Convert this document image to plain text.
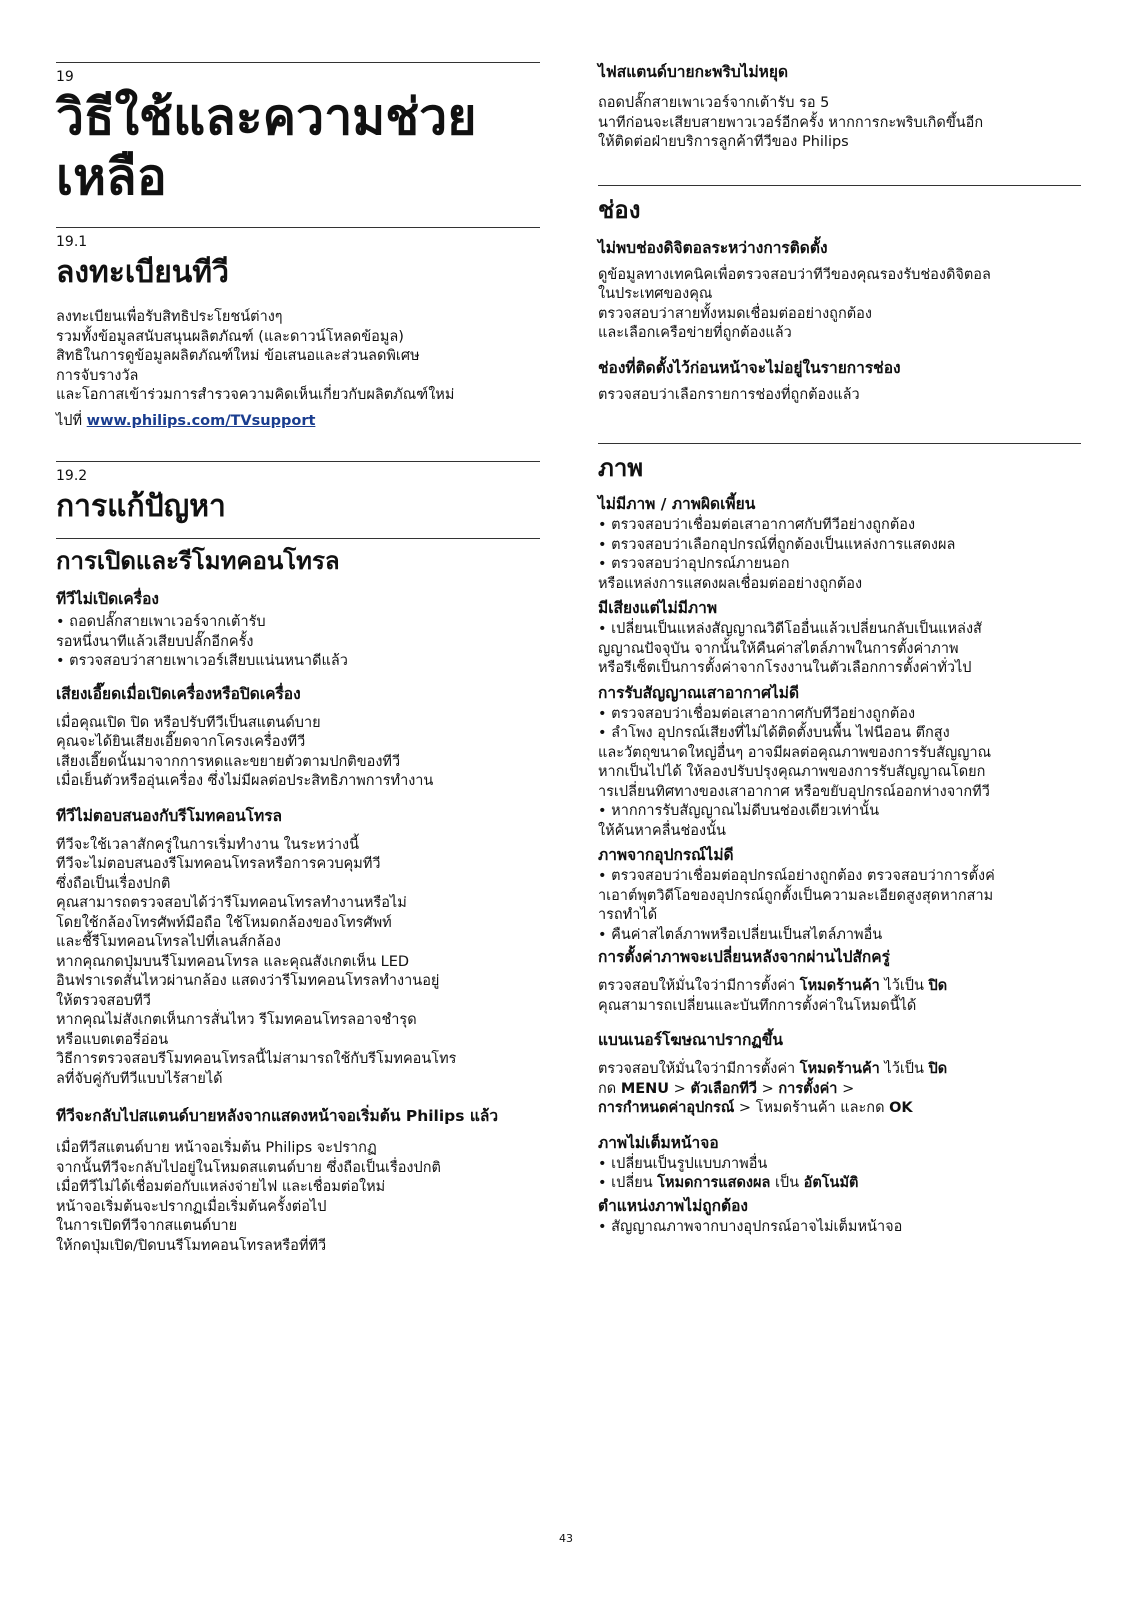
19
วิธีใช้และความช่วยเหลือ
19.1
ลงทะเบียนทีวี

ลงทะเบียนเพื่อรับสิทธิประโยชน์ต่างๆ

รวมทั้งข้อมูลสนับสนุนผลิตภัณฑ์ (และดาวน์โหลดข้อมูล)

สิทธิในการดูข้อมูลผลิตภัณฑ์ใหม่ ข้อเสนอและส่วนลดพิเศษ

การจับรางวัล

และโอกาสเข้าร่วมการสำรวจความคิดเห็นเกี่ยวกับผลิตภัณฑ์ใหม่

ไปที่ www.philips.com/TVsupport

19.2
การแก้ปัญหา
การเปิดและรีโมทคอนโทรล
ทีวีไม่เปิดเครื่อง

• ถอดปลั๊กสายเพาเวอร์จากเต้ารับ

รอหนึ่งนาทีแล้วเสียบปลั๊กอีกครั้ง

• ตรวจสอบว่าสายเพาเวอร์เสียบแน่นหนาดีแล้ว

เสียงเอี๊ยดเมื่อเปิดเครื่องหรือปิดเครื่อง

เมื่อคุณเปิด ปิด หรือปรับทีวีเป็นสแตนด์บาย

คุณจะได้ยินเสียงเอี๊ยดจากโครงเครื่องทีวี

เสียงเอี๊ยดนั้นมาจากการหดและขยายตัวตามปกติของทีวี

เมื่อเย็นตัวหรืออุ่นเครื่อง ซึ่งไม่มีผลต่อประสิทธิภาพการทำงาน

ทีวีไม่ตอบสนองกับรีโมทคอนโทรล

ทีวีจะใช้เวลาสักครู่ในการเริ่มทำงาน ในระหว่างนี้

ทีวีจะไม่ตอบสนองรีโมทคอนโทรลหรือการควบคุมทีวี

ซึ่งถือเป็นเรื่องปกติ

คุณสามารถตรวจสอบได้ว่ารีโมทคอนโทรลทำงานหรือไม่

โดยใช้กล้องโทรศัพท์มือถือ ใช้โหมดกล้องของโทรศัพท์

และชี้รีโมทคอนโทรลไปที่เลนส์กล้อง

หากคุณกดปุ่มบนรีโมทคอนโทรล และคุณสังเกตเห็น LED

อินฟราเรดสั่นไหวผ่านกล้อง แสดงว่ารีโมทคอนโทรลทำงานอยู่

ให้ตรวจสอบทีวี

หากคุณไม่สังเกตเห็นการสั่นไหว รีโมทคอนโทรลอาจชำรุด

หรือแบตเตอรี่อ่อน

วิธีการตรวจสอบรีโมทคอนโทรลนี้ไม่สามารถใช้กับรีโมทคอนโทร

ลที่จับคู่กับทีวีแบบไร้สายได้

ทีวีจะกลับไปสแตนด์บายหลังจากแสดงหน้าจอเริ่มต้น Philips แล้ว

เมื่อทีวีสแตนด์บาย หน้าจอเริ่มต้น Philips จะปรากฏ

จากนั้นทีวีจะกลับไปอยู่ในโหมดสแตนด์บาย ซึ่งถือเป็นเรื่องปกติ

เมื่อทีวีไม่ได้เชื่อมต่อกับแหล่งจ่ายไฟ และเชื่อมต่อใหม่

หน้าจอเริ่มต้นจะปรากฏเมื่อเริ่มต้นครั้งต่อไป

ในการเปิดทีวีจากสแตนด์บาย

ให้กดปุ่มเปิด/ปิดบนรีโมทคอนโทรลหรือที่ทีวี

ไฟสแตนด์บายกะพริบไม่หยุด

ถอดปลั๊กสายเพาเวอร์จากเต้ารับ รอ 5

นาทีก่อนจะเสียบสายพาวเวอร์อีกครั้ง หากการกะพริบเกิดขึ้นอีก

ให้ติดต่อฝ่ายบริการลูกค้าทีวีของ Philips

ช่อง
ไม่พบช่องดิจิตอลระหว่างการติดตั้ง

ดูข้อมูลทางเทคนิคเพื่อตรวจสอบว่าทีวีของคุณรองรับช่องดิจิตอล

ในประเทศของคุณ

ตรวจสอบว่าสายทั้งหมดเชื่อมต่ออย่างถูกต้อง

และเลือกเครือข่ายที่ถูกต้องแล้ว

ช่องที่ติดตั้งไว้ก่อนหน้าจะไม่อยู่ในรายการช่อง

ตรวจสอบว่าเลือกรายการช่องที่ถูกต้องแล้ว

ภาพ
ไม่มีภาพ / ภาพผิดเพี้ยน

• ตรวจสอบว่าเชื่อมต่อเสาอากาศกับทีวีอย่างถูกต้อง

• ตรวจสอบว่าเลือกอุปกรณ์ที่ถูกต้องเป็นแหล่งการแสดงผล

• ตรวจสอบว่าอุปกรณ์ภายนอก

หรือแหล่งการแสดงผลเชื่อมต่ออย่างถูกต้อง

มีเสียงแต่ไม่มีภาพ

• เปลี่ยนเป็นแหล่งสัญญาณวิดีโออื่นแล้วเปลี่ยนกลับเป็นแหล่งสั

ญญาณปัจจุบัน จากนั้นให้คืนค่าสไตล์ภาพในการตั้งค่าภาพ

หรือรีเซ็ตเป็นการตั้งค่าจากโรงงานในตัวเลือกการตั้งค่าทั่วไป

การรับสัญญาณเสาอากาศไม่ดี

• ตรวจสอบว่าเชื่อมต่อเสาอากาศกับทีวีอย่างถูกต้อง

• ลำโพง อุปกรณ์เสียงที่ไม่ได้ติดตั้งบนพื้น ไฟนีออน ตึกสูง

และวัตถุขนาดใหญ่อื่นๆ อาจมีผลต่อคุณภาพของการรับสัญญาณ

หากเป็นไปได้ ให้ลองปรับปรุงคุณภาพของการรับสัญญาณโดยก

ารเปลี่ยนทิศทางของเสาอากาศ หรือขยับอุปกรณ์ออกห่างจากทีวี

• หากการรับสัญญาณไม่ดีบนช่องเดียวเท่านั้น

ให้ค้นหาคลื่นช่องนั้น

ภาพจากอุปกรณ์ไม่ดี

• ตรวจสอบว่าเชื่อมต่ออุปกรณ์อย่างถูกต้อง ตรวจสอบว่าการตั้งค่

าเอาต์พุตวิดีโอของอุปกรณ์ถูกตั้งเป็นความละเอียดสูงสุดหากสาม

ารถทำได้

• คืนค่าสไตล์ภาพหรือเปลี่ยนเป็นสไตล์ภาพอื่น

การตั้งค่าภาพจะเปลี่ยนหลังจากผ่านไปสักครู่

ตรวจสอบให้มั่นใจว่ามีการตั้งค่า โหมดร้านค้า ไว้เป็น ปิด

คุณสามารถเปลี่ยนและบันทึกการตั้งค่าในโหมดนี้ได้

แบนเนอร์โฆษณาปรากฏขึ้น

ตรวจสอบให้มั่นใจว่ามีการตั้งค่า โหมดร้านค้า ไว้เป็น ปิด

กด MENU > ตัวเลือกทีวี > การตั้งค่า >

การกำหนดค่าอุปกรณ์ > โหมดร้านค้า และกด OK

ภาพไม่เต็มหน้าจอ

• เปลี่ยนเป็นรูปแบบภาพอื่น

• เปลี่ยน โหมดการแสดงผล เป็น อัตโนมัติ

ตำแหน่งภาพไม่ถูกต้อง

• สัญญาณภาพจากบางอุปกรณ์อาจไม่เต็มหน้าจอ

43
